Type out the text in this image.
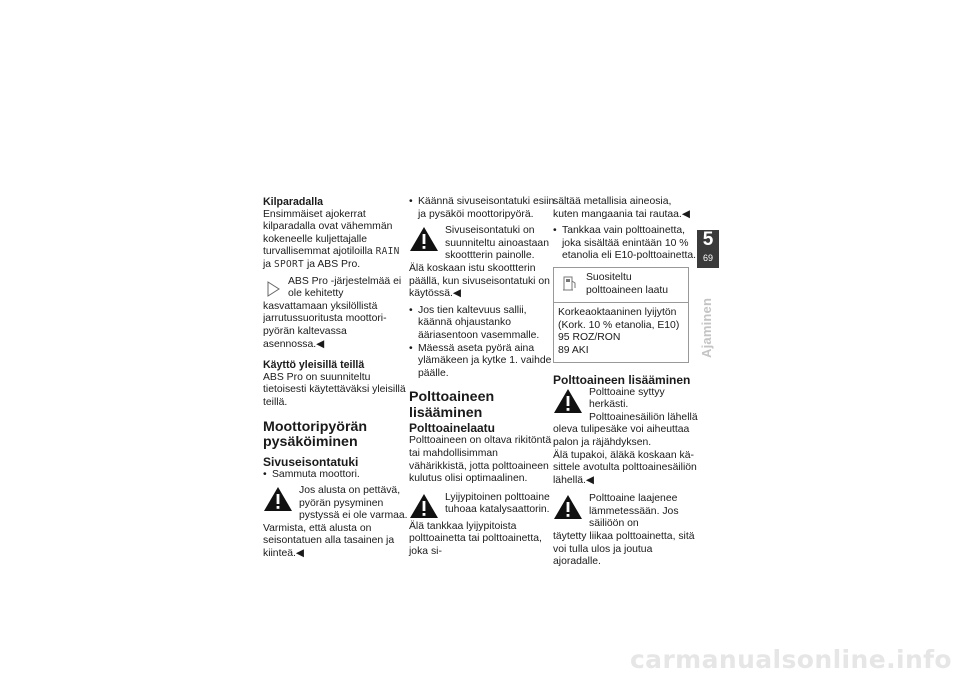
Kilparadalla

Ensimmäiset ajokerrat kilparadalla ovat vähemmän kokeneelle kuljettajalle turvallisemmat ajotiloilla RAIN ja SPORT ja ABS Pro.

ABS Pro -järjestelmää ei ole kehitetty kasvattamaan yksilöllistä jarrutussuoritusta moottoripyörän kaltevassa asennossa.◀

Käyttö yleisillä teillä

ABS Pro on suunniteltu tietoisesti käytettäväksi yleisillä teillä.

Moottoripyörän pysäköiminen

Sivuseisontatuki

• Sammuta moottori.

Jos alusta on pettävä, pyörän pysyminen pystyssä ei ole varmaa.

Varmista, että alusta on seisontatuen alla tasainen ja kiinteä.◀

• Käännä sivuseisontatuki esiin ja pysäköi moottoripyörä.

Sivuseisontatuki on suunniteltu ainoastaan skoottterin painolle.

Älä koskaan istu skoottterin päällä, kun sivuseisontatuki on käytössä.◀

• Jos tien kaltevuus sallii, käännä ohjaustanko ääriasentoon vasemmalle.
• Mäessä aseta pyörä aina ylämäkeen ja kytke 1. vaihde päälle.

Polttoaineen lisääminen

Polttoainelaatu

Polttoaineen on oltava rikitöntä tai mahdollisimman vähärikkistä, jotta polttoaineen kulutus olisi optimaalinen.

Lyijypitoinen polttoaine tuhoaa katalysaattorin.

Älä tankkaa lyijypitoista polttoainetta tai polttoainetta, joka si-

sältää metallisia aineosia, kuten mangaania tai rautaa.◀

• Tankkaa vain polttoainetta, joka sisältää enintään 10 % etanolia eli E10-polttoainetta.

Suositeltu polttoaineen laatu

Korkeaoktaaninen lyijytön

(Kork. 10 % etanolia, E10)

95 ROZ/RON

89 AKI

Polttoaineen lisääminen

Polttoaine syttyy herkästi. Polttoainesäiliön lähellä

oleva tulipesäke voi aiheuttaa palon ja räjähdyksen.

Älä tupakoi, äläkä koskaan käsittele avotulta polttoainesäiliön lähellä.◀

Polttoaine laajenee lämmetessään. Jos säiliöön on

täytetty liikaa polttoainetta, sitä voi tulla ulos ja joutua ajoradalle.

5
69
Ajaminen
carmanualsonline.info
